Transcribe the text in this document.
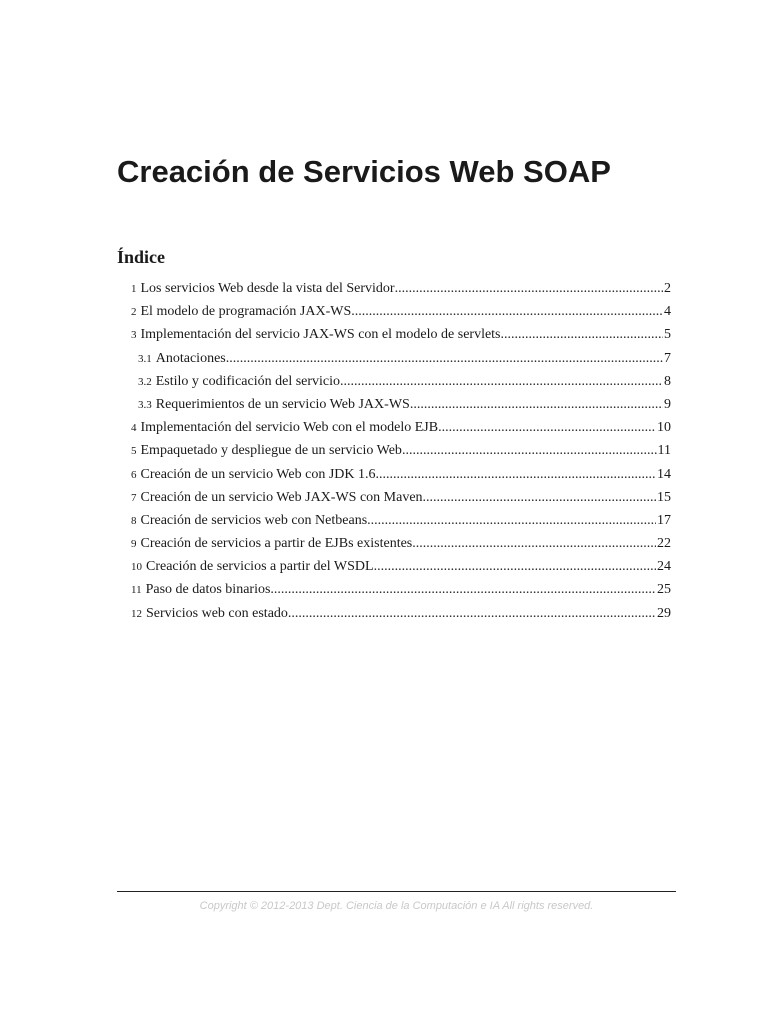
Creación de Servicios Web SOAP
Índice
1 Los servicios Web desde la vista del Servidor .....	2
2 El modelo de programación JAX-WS .....	4
3 Implementación del servicio JAX-WS con el modelo de servlets .....	5
3.1 Anotaciones .....	7
3.2 Estilo y codificación del servicio .....	8
3.3 Requerimientos de un servicio Web JAX-WS .....	9
4 Implementación del servicio Web con el modelo EJB .....	10
5 Empaquetado y despliegue de un servicio Web .....	11
6 Creación de un servicio Web con JDK 1.6 .....	14
7 Creación de un servicio Web JAX-WS con Maven .....	15
8 Creación de servicios web con Netbeans .....	17
9 Creación de servicios a partir de EJBs existentes .....	22
10 Creación de servicios a partir del WSDL .....	24
11 Paso de datos binarios .....	25
12 Servicios web con estado .....	29
Copyright © 2012-2013 Dept. Ciencia de la Computación e IA All rights reserved.
